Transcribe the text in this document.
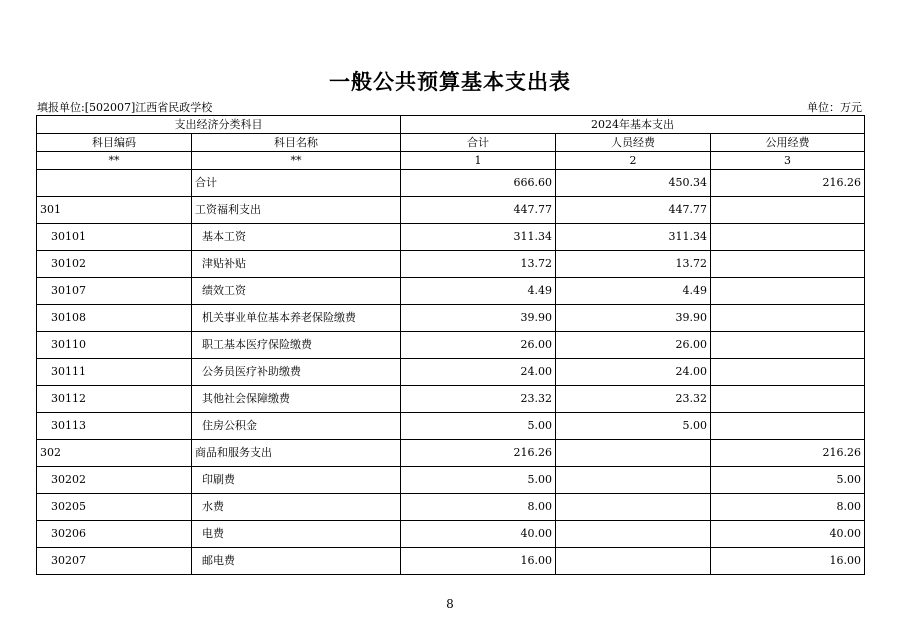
一般公共预算基本支出表
填报单位:[502007]江西省民政学校	单位：万元
支出经济分类科目		2024年基本支出		
科目编码	科目名称	合计	人员经费	公用经费
**	**	1	2	3
	合计	666.60	450.34	216.26
301	工资福利支出	447.77	447.77	
30101	基本工资	311.34	311.34	
30102	津贴补贴	13.72	13.72	
30107	绩效工资	4.49	4.49	
30108	机关事业单位基本养老保险缴费	39.90	39.90	
30110	职工基本医疗保险缴费	26.00	26.00	
30111	公务员医疗补助缴费	24.00	24.00	
30112	其他社会保障缴费	23.32	23.32	
30113	住房公积金	5.00	5.00	
302	商品和服务支出	216.26		216.26
30202	印刷费	5.00		5.00
30205	水费	8.00		8.00
30206	电费	40.00		40.00
30207	邮电费	16.00		16.00
8
